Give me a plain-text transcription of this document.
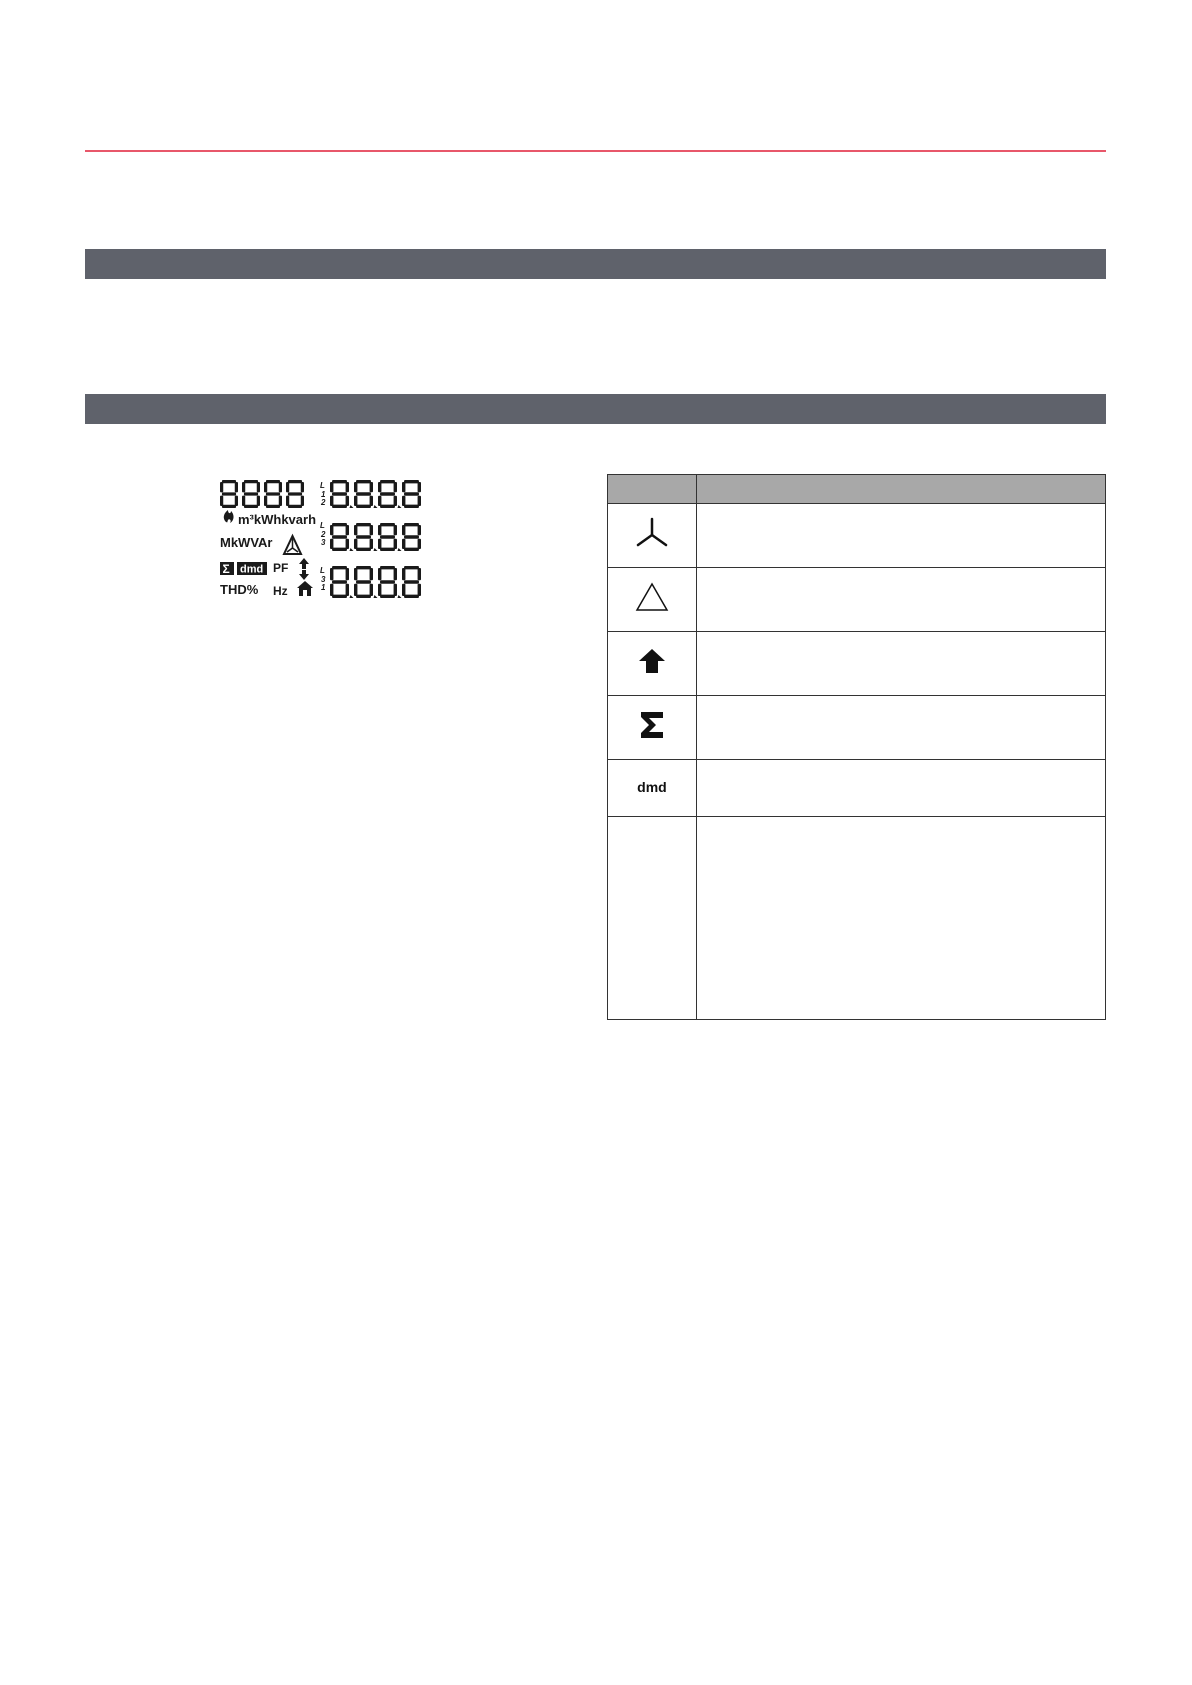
L
1
2
L
2
3
L
3
1
m³kWhkvarh
MkWVAr
Σ dmd PF
THD% Hz

dmd	
